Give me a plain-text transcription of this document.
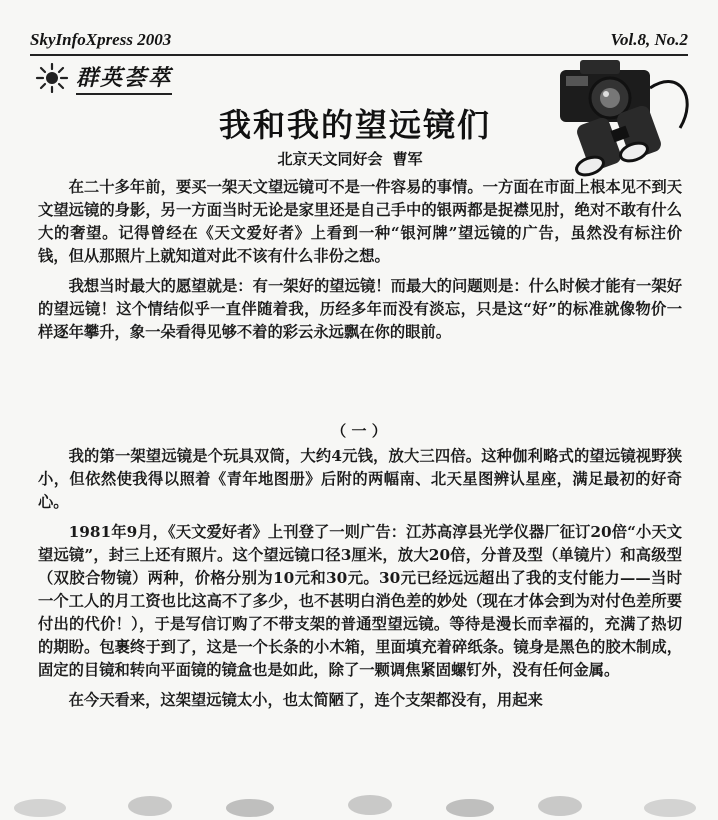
SkyInfoXpress 2003	Vol.8, No.2
群英荟萃
我和我的望远镜们
北京天文同好会 曹军

在二十多年前，要买一架天文望远镜可不是一件容易的事情。一方面在市面上根本见不到天文望远镜的身影，另一方面当时无论是家里还是自己手中的银两都是捉襟见肘，绝对不敢有什么大的奢望。记得曾经在《天文爱好者》上看到一种“银河牌”望远镜的广告，虽然没有标注价钱，但从那照片上就知道对此不该有什么非份之想。

我想当时最大的愿望就是：有一架好的望远镜！而最大的问题则是：什么时候才能有一架好的望远镜！这个情结似乎一直伴随着我，历经多年而没有淡忘，只是这“好”的标准就像物价一样逐年攀升，象一朵看得见够不着的彩云永远飘在你的眼前。

（ 一 ）

我的第一架望远镜是个玩具双筒，大约4元钱，放大三四倍。这种伽利略式的望远镜视野狭小，但依然使我得以照着《青年地图册》后附的两幅南、北天星图辨认星座，满足最初的好奇心。

1981年9月，《天文爱好者》上刊登了一则广告：江苏高淳县光学仪器厂征订20倍“小天文望远镜”，封三上还有照片。这个望远镜口径3厘米，放大20倍，分普及型（单镜片）和高级型（双胶合物镜）两种，价格分别为10元和30元。30元已经远远超出了我的支付能力——当时一个工人的月工资也比这高不了多少，也不甚明白消色差的妙处（现在才体会到为对付色差所要付出的代价！），于是写信订购了不带支架的普通型望远镜。等待是漫长而幸福的，充满了热切的期盼。包裹终于到了，这是一个长条的小木箱，里面填充着碎纸条。镜身是黑色的胶木制成，固定的目镜和转向平面镜的镜盒也是如此，除了一颗调焦紧固螺钉外，没有任何金属。

在今天看来，这架望远镜太小，也太简陋了，连个支架都没有，用起来
